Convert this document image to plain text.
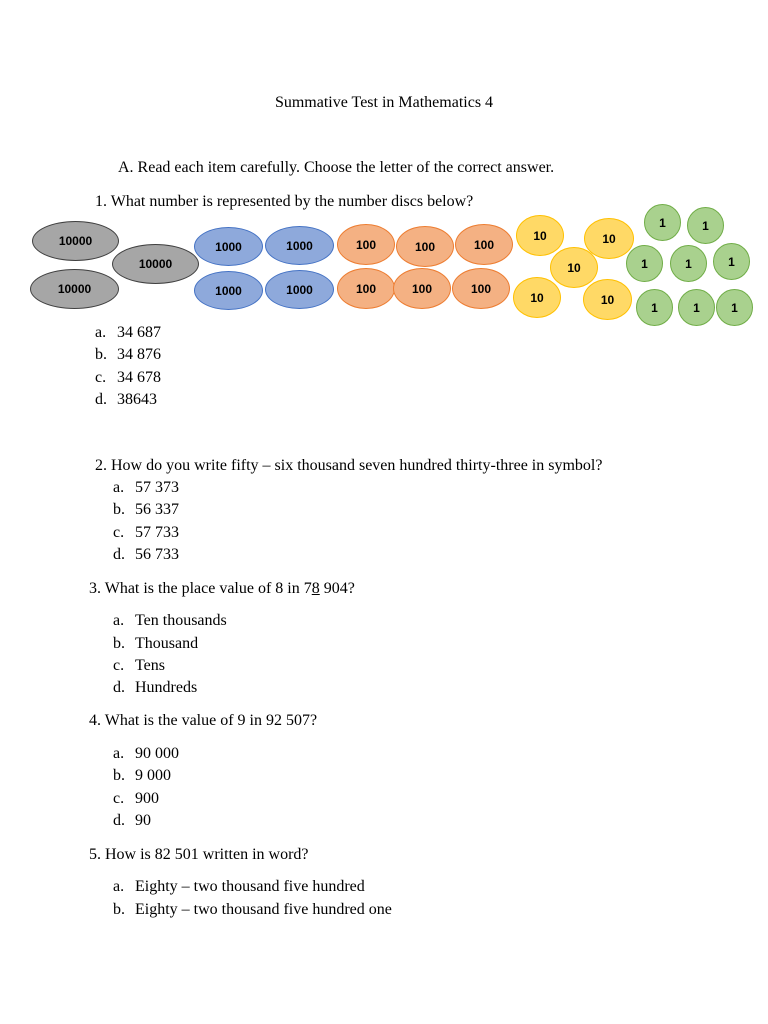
Summative Test in Mathematics 4
A. Read each item carefully. Choose the letter of the correct answer.
1. What number is represented by the number discs below?
10000
10000
10000
1000	1000
1000	1000
100	100	100
100	100	100
10	10
10
10	10
1	1
1	1	1
1	1	1
a. 34 687
b. 34 876
c. 34 678
d. 38643
2. How do you write fifty – six thousand seven hundred thirty-three in symbol?
a. 57 373
b. 56 337
c. 57 733
d. 56 733
3. What is the place value of 8 in 78 904?
a. Ten thousands
b. Thousand
c. Tens
d. Hundreds
4. What is the value of 9 in 92 507?
a. 90 000
b. 9 000
c. 900
d. 90
5. How is 82 501 written in word?
a. Eighty – two thousand five hundred
b. Eighty – two thousand five hundred one
